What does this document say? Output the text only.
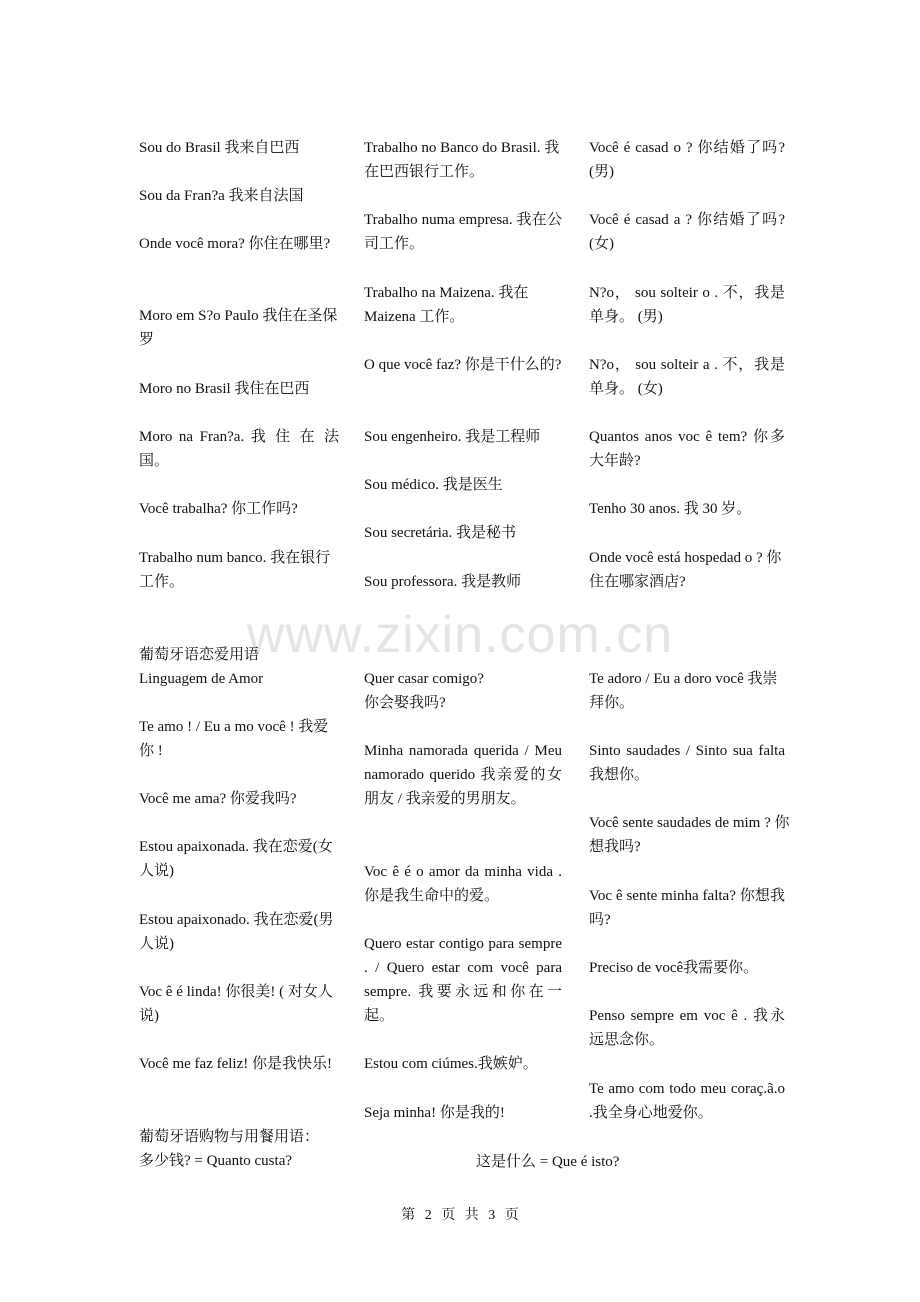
www.zixin.com.cn
Sou do Brasil 我来自巴西
Sou da Fran?a 我来自法国
Onde você mora? 你住在哪里?
Moro em S?o Paulo 我住在圣保罗
Moro no Brasil 我住在巴西
Moro na Fran?a. 我 住 在 法国。
Você trabalha? 你工作吗?
Trabalho num banco. 我在银行工作。
Trabalho no Banco do Brasil. 我在巴西银行工作。
Trabalho numa empresa. 我在公司工作。
Trabalho na Maizena. 我在 Maizena 工作。
O que você faz? 你是干什么的?
Sou engenheiro. 我是工程师
Sou médico. 我是医生
Sou secretária. 我是秘书
Sou professora. 我是教师
Você é casad o ? 你结婚了吗? (男)
Você é casad a ? 你结婚了吗? (女)
N?o， sou solteir o . 不，我是单身。 (男)
N?o， sou solteir a . 不，我是单身。 (女)
Quantos anos voc ê tem? 你多大年龄?
Tenho 30 anos. 我 30 岁。
Onde você está hospedad o ? 你住在哪家酒店?
葡萄牙语恋爱用语
Linguagem de Amor
Te amo ! / Eu a mo você ! 我爱你 !
Você me ama? 你爱我吗?
Estou apaixonada. 我在恋爱(女人说)
Estou apaixonado. 我在恋爱(男人说)
Voc ê é linda! 你很美! ( 对女人说)
Você me faz feliz! 你是我快乐!
葡萄牙语购物与用餐用语：
多少钱? = Quanto custa?
Quer casar comigo?
你会娶我吗?
Minha namorada querida / Meu namorado querido 我亲爱的女朋友 / 我亲爱的男朋友。
Voc ê é o amor da minha vida .你是我生命中的爱。
Quero estar contigo para sempre . / Quero estar com você para sempre. 我要永远和你在一起。
Estou com ciúmes.我嫉妒。
Seja minha! 你是我的!
Te adoro / Eu a doro você 我崇拜你。
Sinto saudades / Sinto sua falta 我想你。
Você sente saudades de mim ? 你想我吗?
Voc ê sente minha falta? 你想我吗?
Preciso de você我需要你。
Penso sempre em voc ê . 我永远思念你。
Te amo com todo meu coraç.ã.o .我全身心地爱你。
这是什么 = Que é isto?
第 2 页 共 3 页
